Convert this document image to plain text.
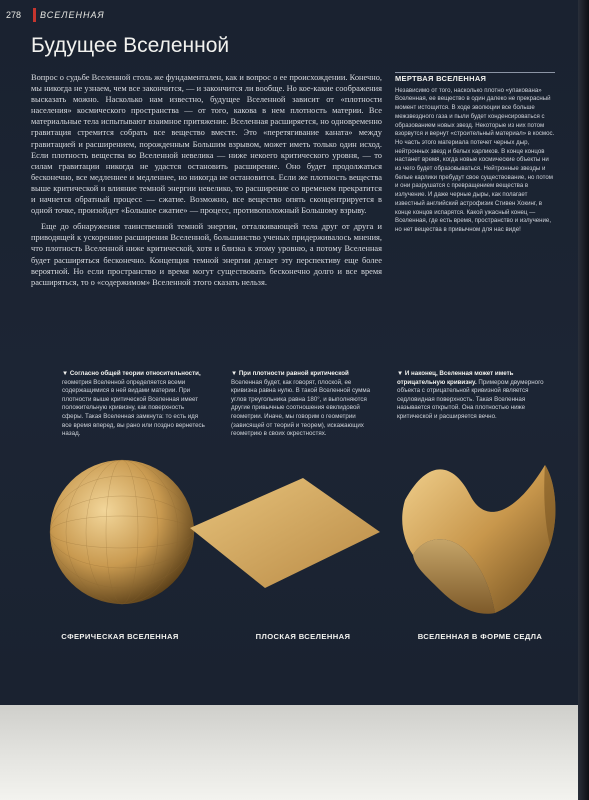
278 ВСЕЛЕННАЯ
Будущее Вселенной

Вопрос о судьбе Вселенной столь же фундаментален, как и вопрос о ее происхождении. Конечно, мы никогда не узнаем, чем все закончится, — и закончится ли вообще. Но кое-какие соображения высказать можно. Насколько нам известно, будущее Вселенной зависит от «плотности населения» космического пространства — от того, какова в нем плотность материи. Все материальные тела испытывают взаимное притяжение. Вселенная расширяется, но одновременно гравитация стремится собрать все вещество вместе. Это «перетягивание каната» между гравитацией и расширением, порожденным Большим взрывом, может иметь только один исход. Если плотность вещества во Вселенной невелика — ниже некоего критического уровня, — то силам гравитации никогда не удастся остановить расширение. Оно будет продолжаться бесконечно, все медленнее и медленнее, но никогда не остановится. Если же плотность вещества выше критической и влияние темной энергии невелико, то расширение со временем прекратится и начнется обратный процесс — сжатие. Возможно, все вещество опять сконцентрируется в одной точке, произойдет «Большое сжатие» — процесс, противоположный Большому взрыву.

Еще до обнаружения таинственной темной энергии, отталкивающей тела друг от друга и приводящей к ускорению расширения Вселенной, большинство ученых придерживалось мнения, что плотность Вселенной ниже критической, хотя и близка к этому уровню, а потому Вселенная будет расширяться бесконечно. Концепция темной энергии делает эту перспективу еще более вероятной. Но если пространство и время могут существовать бесконечно долго и все время расширяться, то о «содержимом» Вселенной этого сказать нельзя.

МЕРТВАЯ ВСЕЛЕННАЯ
Независимо от того, насколько плотно «упакована» Вселенная, ее вещество в один далеко не прекрасный момент истощится. В ходе эволюции все больше межзвездного газа и пыли будет конденсироваться с образованием новых звезд. Некоторые из них потом взорвутся и вернут «строительный материал» в космос. Но часть этого материала потечет черных дыр, нейтронных звезд и белых карликов. В конце концов настанет время, когда новые космические объекты ни из чего будет образовываться. Нейтронные звезды и белые карлики пребудут свое существование, но потом и они разрушатся с превращением вещества в излучение. И даже черные дыры, как полагает известный английский астрофизик Стивен Хокинг, в конце концов испарятся. Какой ужасный конец — Вселенная, где есть время, пространство и излучение, но нет вещества в привычном для нас виде!
▼ Согласно общей теории относительности, геометрия Вселенной определяется всеми содержащимися в ней видами материи. При плотности выше критической Вселенная имеет положительную кривизну, как поверхность сферы. Такая Вселенная замкнута: то есть идя все время вперед, вы рано или поздно вернетесь назад.
▼ При плотности равной критической Вселенная будет, как говорят, плоской, ее кривизна равна нулю. В такой Вселенной сумма углов треугольника равна 180°, и выполняются другие привычные соотношения евклидовой геометрии. Иначе, мы говорим о геометрии (зависящей от теорий и теорем), искажающих геометрию в своих окрестностях.
▼ И наконец, Вселенная может иметь отрицательную кривизну. Примером двумерного объекта с отрицательной кривизной является седловидная поверхность. Такая Вселенная называется открытой. Она плотностью ниже критической и расширяется вечно.
СФЕРИЧЕСКАЯ ВСЕЛЕННАЯ	ПЛОСКАЯ ВСЕЛЕННАЯ	ВСЕЛЕННАЯ В ФОРМЕ СЕДЛА
